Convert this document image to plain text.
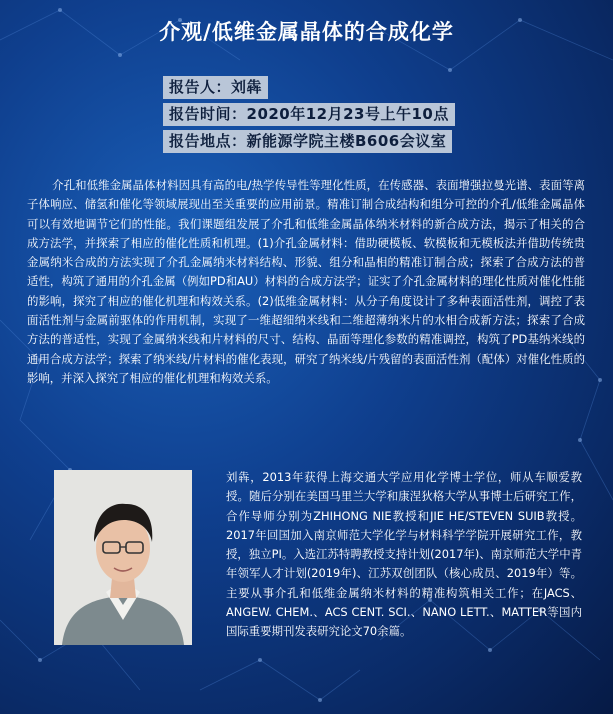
介观/低维金属晶体的合成化学
报告人：刘犇
报告时间：2020年12月23号上午10点
报告地点：新能源学院主楼B606会议室
介孔和低维金属晶体材料因具有高的电/热学传导性等理化性质，在传感器、表面增强拉曼光谱、表面等离子体响应、储氢和催化等领域展现出至关重要的应用前景。精准订制合成结构和组分可控的介孔/低维金属晶体可以有效地调节它们的性能。我们课题组发展了介孔和低维金属晶体纳米材料的新合成方法，揭示了相关的合成方法学，并探索了相应的催化性质和机理。(1)介孔金属材料：借助硬模板、软模板和无模板法并借助传统贵金属纳米合成的方法实现了介孔金属纳米材料结构、形貌、组分和晶相的精准订制合成；探索了合成方法的普适性，构筑了通用的介孔金属（例如PD和AU）材料的合成方法学；证实了介孔金属材料的理化性质对催化性能的影响，探究了相应的催化机理和构效关系。(2)低维金属材料：从分子角度设计了多种表面活性剂，调控了表面活性剂与金属前驱体的作用机制，实现了一维超细纳米线和二维超薄纳米片的水相合成新方法；探索了合成方法的普适性，实现了金属纳米线和片材料的尺寸、结构、晶面等理化参数的精准调控，构筑了PD基纳米线的通用合成方法学；探索了纳米线/片材料的催化表现，研究了纳米线/片残留的表面活性剂（配体）对催化性质的影响，并深入探究了相应的催化机理和构效关系。
刘犇，2013年获得上海交通大学应用化学博士学位，师从车顺爱教授。随后分别在美国马里兰大学和康涅狄格大学从事博士后研究工作，合作导师分别为ZHIHONG NIE教授和JIE HE/STEVEN SUIB教授。2017年回国加入南京师范大学化学与材料科学学院开展研究工作，教授，独立PI。入选江苏特聘教授支持计划(2017年)、南京师范大学中青年领军人才计划(2019年)、江苏双创团队（核心成员、2019年）等。主要从事介孔和低维金属纳米材料的精准构筑相关工作；在JACS、ANGEW. CHEM.、ACS CENT. SCI.、NANO LETT.、MATTER等国内国际重要期刊发表研究论文70余篇。
